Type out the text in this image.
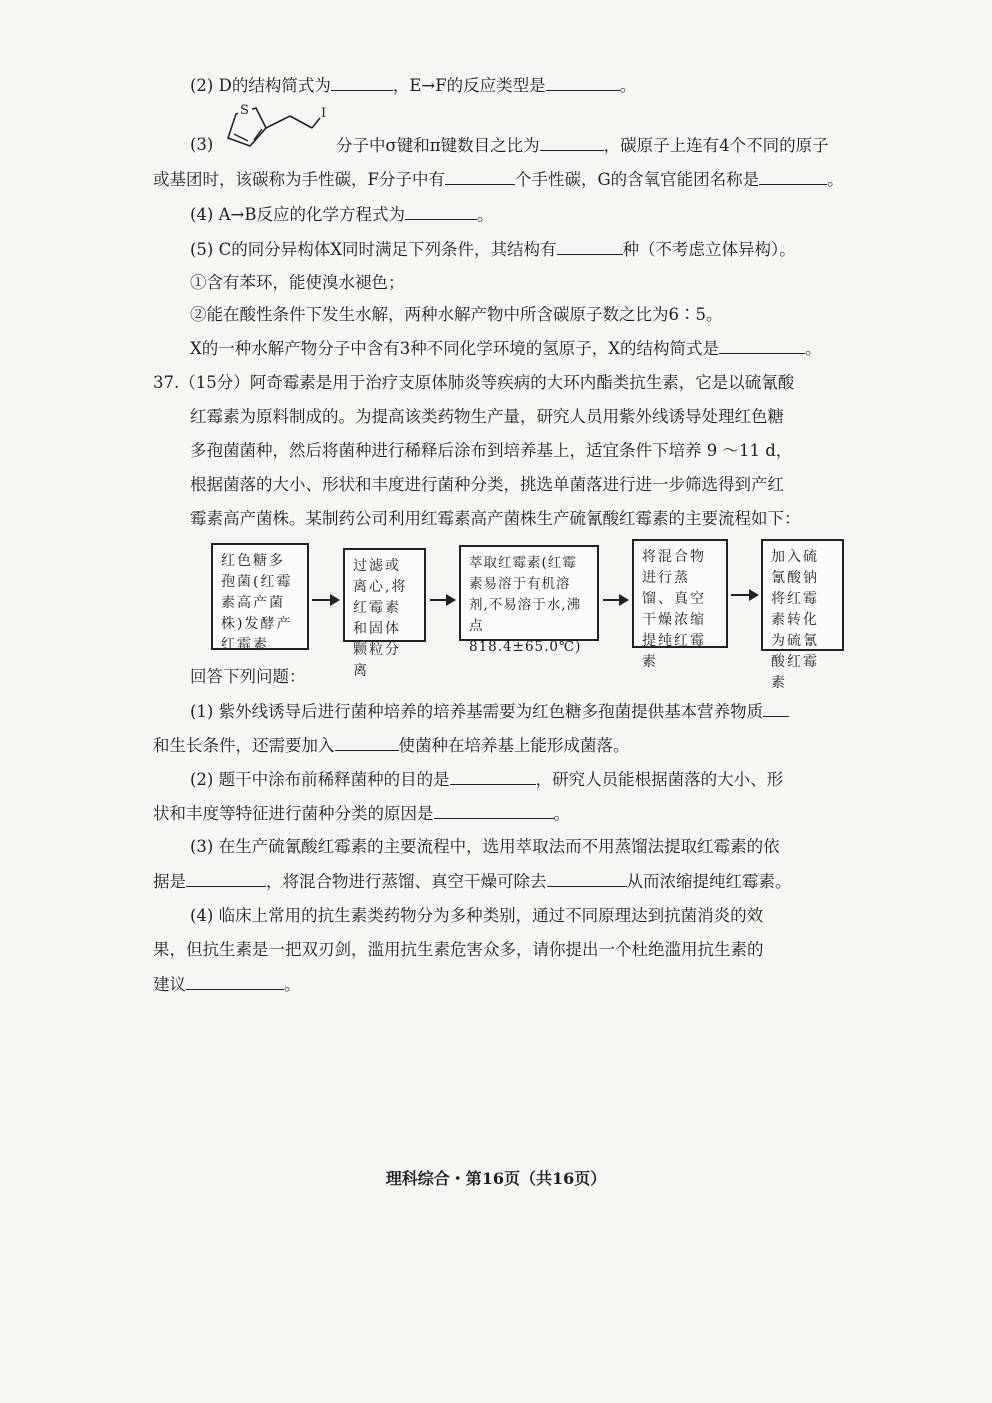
(2) D的结构简式为	，E→F的反应类型是	。
(3)
S	I
分子中σ键和π键数目之比为	，碳原子上连有4个不同的原子
或基团时，该碳称为手性碳，F分子中有	个手性碳，G的含氧官能团名称是	。
(4) A→B反应的化学方程式为	。
(5) C的同分异构体X同时满足下列条件，其结构有	种（不考虑立体异构）。
①含有苯环，能使溴水褪色；
②能在酸性条件下发生水解，两种水解产物中所含碳原子数之比为6∶5。
X的一种水解产物分子中含有3种不同化学环境的氢原子，X的结构简式是	。
37.（15分）阿奇霉素是用于治疗支原体肺炎等疾病的大环内酯类抗生素，它是以硫氰酸
红霉素为原料制成的。为提高该类药物生产量，研究人员用紫外线诱导处理红色糖
多孢菌菌种，然后将菌种进行稀释后涂布到培养基上，适宜条件下培养 9 ～11 d，
根据菌落的大小、形状和丰度进行菌种分类，挑选单菌落进行进一步筛选得到产红
霉素高产菌株。某制药公司利用红霉素高产菌株生产硫氰酸红霉素的主要流程如下：
红色糖多孢菌(红霉素高产菌株)发酵产红霉素
过滤或离心,将红霉素和固体颗粒分离
萃取红霉素(红霉素易溶于有机溶剂,不易溶于水,沸点818.4±65.0℃)
将混合物进行蒸馏、真空干燥浓缩提纯红霉素
加入硫氰酸钠将红霉素转化为硫氰酸红霉素
回答下列问题：
(1) 紫外线诱导后进行菌种培养的培养基需要为红色糖多孢菌提供基本营养物质
和生长条件，还需要加入	使菌种在培养基上能形成菌落。
(2) 题干中涂布前稀释菌种的目的是	，研究人员能根据菌落的大小、形
状和丰度等特征进行菌种分类的原因是	。
(3) 在生产硫氰酸红霉素的主要流程中，选用萃取法而不用蒸馏法提取红霉素的依
据是	，将混合物进行蒸馏、真空干燥可除去	从而浓缩提纯红霉素。
(4) 临床上常用的抗生素类药物分为多种类别，通过不同原理达到抗菌消炎的效
果，但抗生素是一把双刃剑，滥用抗生素危害众多，请你提出一个杜绝滥用抗生素的
建议	。
理科综合・第16页（共16页）
